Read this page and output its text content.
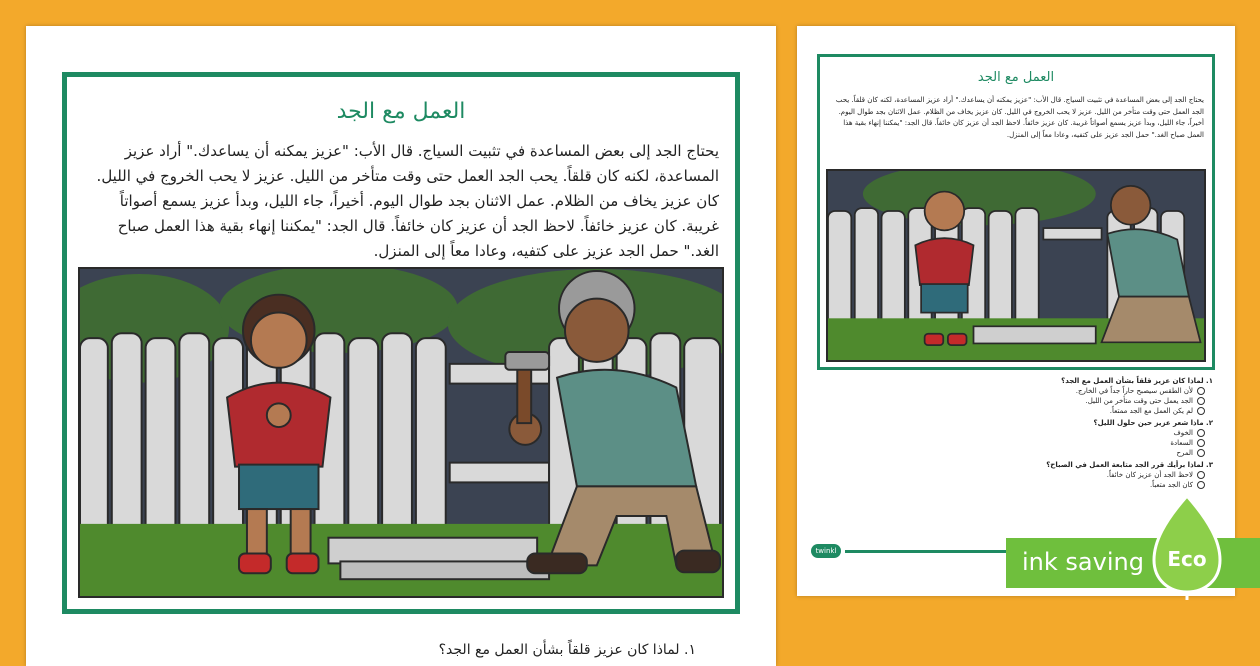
العمل مع الجد
يحتاج الجد إلى بعض المساعدة في تثبيت السياج. قال الأب: "عزيز يمكنه أن يساعدك." أراد عزيز المساعدة، لكنه كان قلقاً. يحب الجد العمل حتى وقت متأخر من الليل. عزيز لا يحب الخروج في الليل. كان عزيز يخاف من الظلام. عمل الاثنان بجد طوال اليوم. أخيراً، جاء الليل، وبدأ عزيز يسمع أصواتاً غريبة. كان عزيز خائفاً. لاحظ الجد أن عزيز كان خائفاً. قال الجد: "يمكننا إنهاء بقية هذا العمل صباح الغد." حمل الجد عزيز على كتفيه، وعادا معاً إلى المنزل.
١. لماذا كان عزيز قلقاً بشأن العمل مع الجد؟
العمل مع الجد
يحتاج الجد إلى بعض المساعدة في تثبيت السياج. قال الأب: "عزيز يمكنه أن يساعدك." أراد عزيز المساعدة، لكنه كان قلقاً. يحب الجد العمل حتى وقت متأخر من الليل. عزيز لا يحب الخروج في الليل. كان عزيز يخاف من الظلام. عمل الاثنان بجد طوال اليوم. أخيراً، جاء الليل، وبدأ عزيز يسمع أصواتاً غريبة. كان عزيز خائفاً. لاحظ الجد أن عزيز كان خائفاً. قال الجد: "يمكننا إنهاء بقية هذا العمل صباح الغد." حمل الجد عزيز على كتفيه، وعادا معاً إلى المنزل.
١. لماذا كان عزيز قلقاً بشأن العمل مع الجد؟
لأن الطقس سيصبح حاراً جداً في الخارج.
الجد يعمل حتى وقت متأخر من الليل.
لم يكن العمل مع الجد ممتعاً.
٢. ماذا شعر عزيز حين حلول الليل؟
الخوف
السعادة
المرح
٣. لماذا برأيك قرر الجد متابعة العمل في الصباح؟
لاحظ الجد أن عزيز كان خائفاً.
كان الجد متعباً.
twinkl	ink saving Eco
